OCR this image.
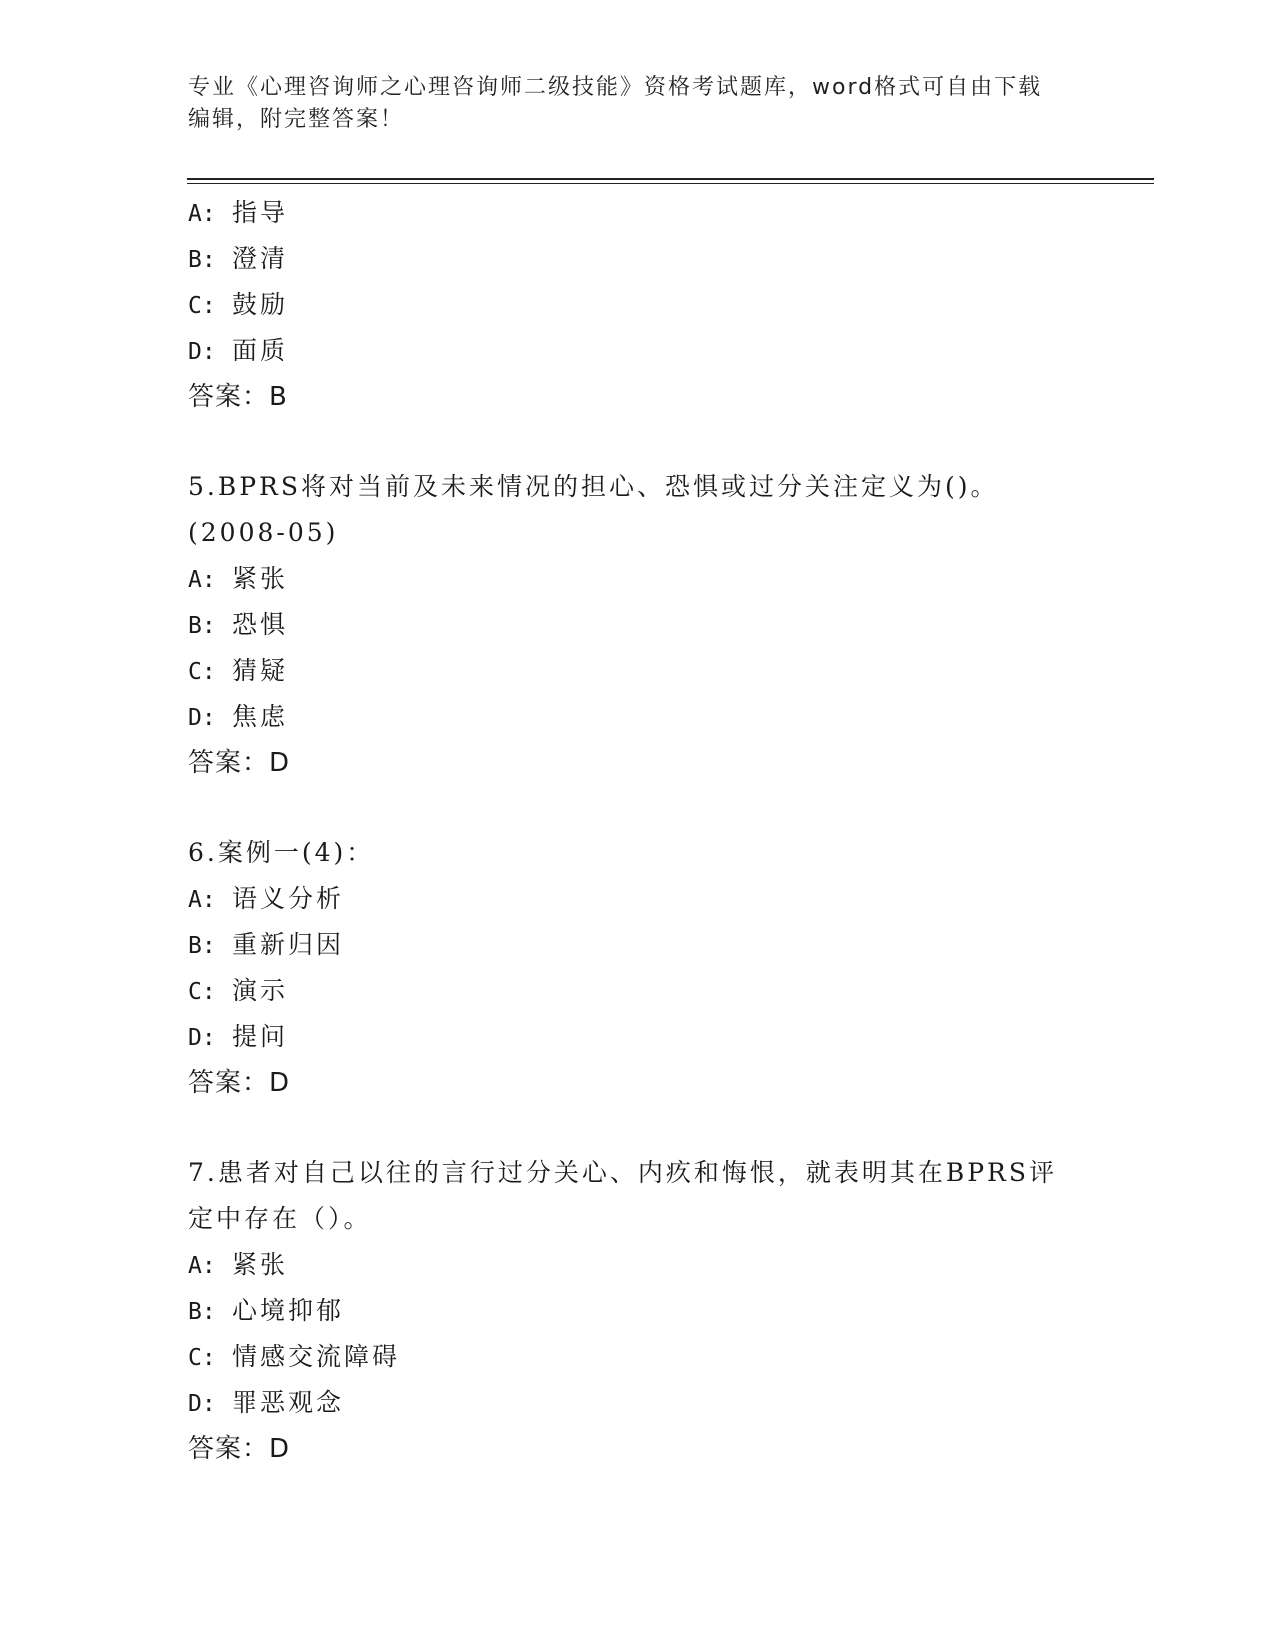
专业《心理咨询师之心理咨询师二级技能》资格考试题库，word格式可自由下载
编辑，附完整答案！
A: 指导
B: 澄清
C: 鼓励
D: 面质
答案：B
5.BPRS将对当前及未来情况的担心、恐惧或过分关注定义为()。
(2008-05)
A: 紧张
B: 恐惧
C: 猜疑
D: 焦虑
答案：D
6.案例一(4)：
A: 语义分析
B: 重新归因
C: 演示
D: 提问
答案：D
7.患者对自己以往的言行过分关心、内疚和悔恨，就表明其在BPRS评
定中存在（）。
A: 紧张
B: 心境抑郁
C: 情感交流障碍
D: 罪恶观念
答案：D
